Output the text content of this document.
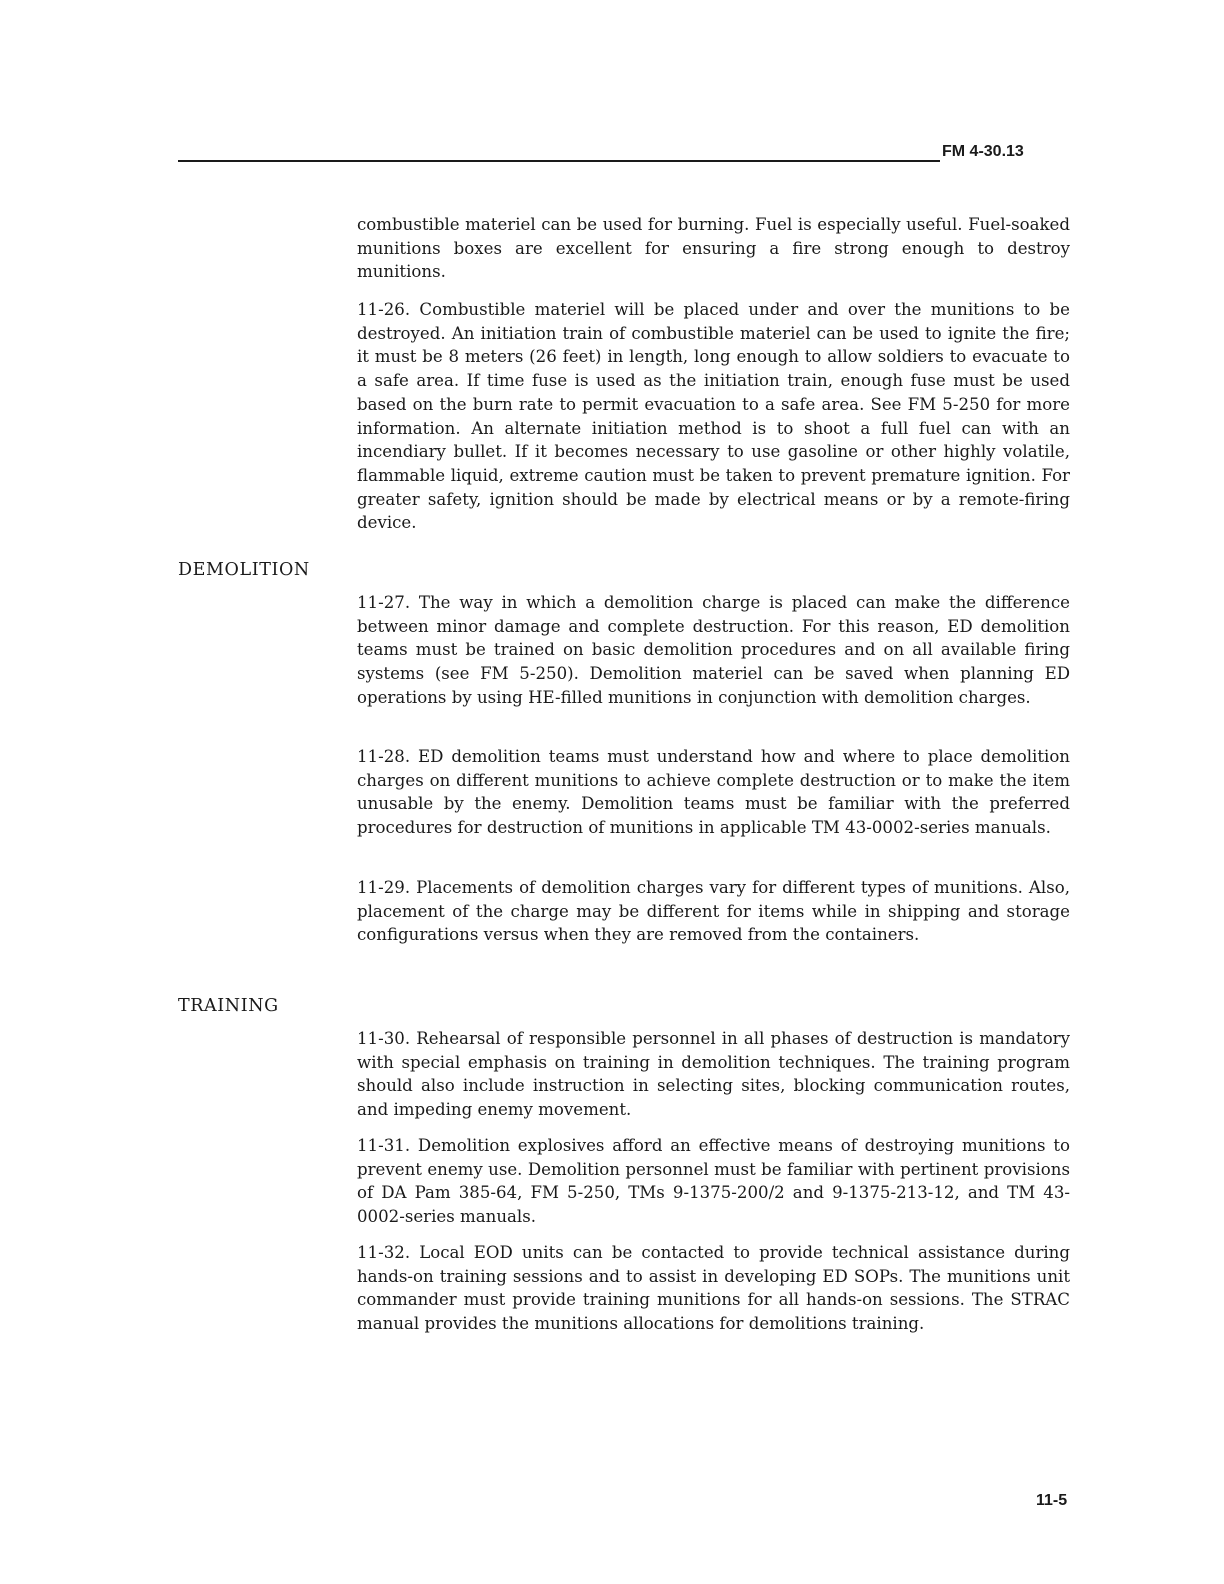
FM 4-30.13

combustible materiel can be used for burning. Fuel is especially useful. Fuel-soaked munitions boxes are excellent for ensuring a fire strong enough to destroy munitions.

11-26. Combustible materiel will be placed under and over the munitions to be destroyed. An initiation train of combustible materiel can be used to ignite the fire; it must be 8 meters (26 feet) in length, long enough to allow soldiers to evacuate to a safe area. If time fuse is used as the initiation train, enough fuse must be used based on the burn rate to permit evacuation to a safe area. See FM 5-250 for more information. An alternate initiation method is to shoot a full fuel can with an incendiary bullet. If it becomes necessary to use gasoline or other highly volatile, flammable liquid, extreme caution must be taken to prevent premature ignition. For greater safety, ignition should be made by electrical means or by a remote-firing device.

DEMOLITION

11-27. The way in which a demolition charge is placed can make the difference between minor damage and complete destruction. For this reason, ED demolition teams must be trained on basic demolition procedures and on all available firing systems (see FM 5-250). Demolition materiel can be saved when planning ED operations by using HE-filled munitions in conjunction with demolition charges.

11-28. ED demolition teams must understand how and where to place demolition charges on different munitions to achieve complete destruction or to make the item unusable by the enemy. Demolition teams must be familiar with the preferred procedures for destruction of munitions in applicable TM 43-0002-series manuals.

11-29. Placements of demolition charges vary for different types of munitions. Also, placement of the charge may be different for items while in shipping and storage configurations versus when they are removed from the containers.

TRAINING

11-30. Rehearsal of responsible personnel in all phases of destruction is mandatory with special emphasis on training in demolition techniques. The training program should also include instruction in selecting sites, blocking communication routes, and impeding enemy movement.

11-31. Demolition explosives afford an effective means of destroying munitions to prevent enemy use. Demolition personnel must be familiar with pertinent provisions of DA Pam 385-64, FM 5-250, TMs 9-1375-200/2 and 9-1375-213-12, and TM 43-0002-series manuals.

11-32. Local EOD units can be contacted to provide technical assistance during hands-on training sessions and to assist in developing ED SOPs. The munitions unit commander must provide training munitions for all hands-on sessions. The STRAC manual provides the munitions allocations for demolitions training.

11-5
